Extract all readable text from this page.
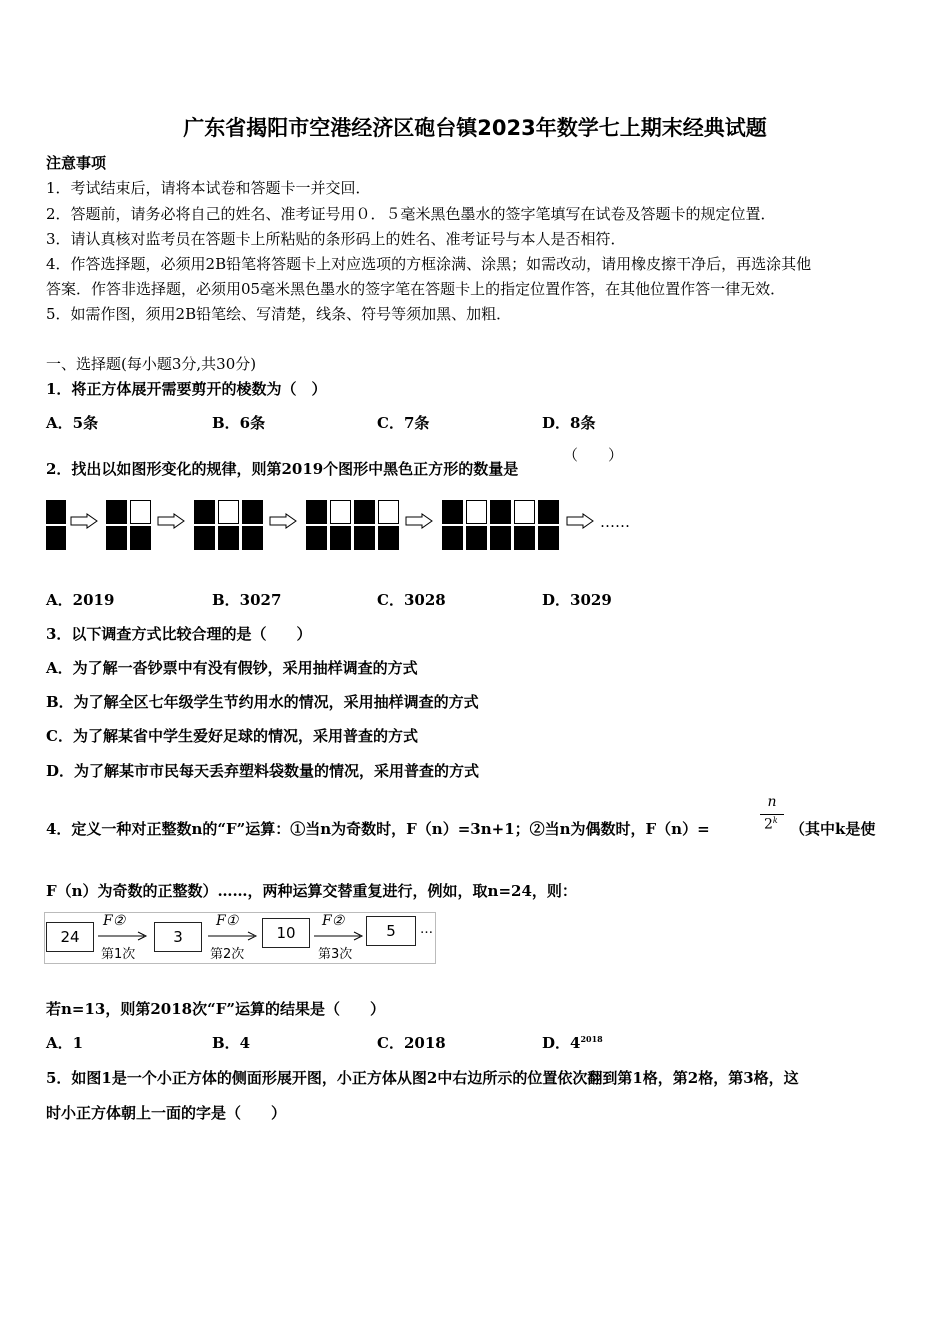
广东省揭阳市空港经济区砲台镇2023年数学七上期末经典试题
注意事项
1．考试结束后，请将本试卷和答题卡一并交回．
2．答题前，请务必将自己的姓名、准考证号用０．５毫米黑色墨水的签字笔填写在试卷及答题卡的规定位置．
3．请认真核对监考员在答题卡上所粘贴的条形码上的姓名、准考证号与本人是否相符．
4．作答选择题，必须用2B铅笔将答题卡上对应选项的方框涂满、涂黑；如需改动，请用橡皮擦干净后，再选涂其他
答案．作答非选择题，必须用05毫米黑色墨水的签字笔在答题卡上的指定位置作答，在其他位置作答一律无效．
5．如需作图，须用2B铅笔绘、写清楚，线条、符号等须加黑、加粗．
一、选择题(每小题3分,共30分)
1．将正方体展开需要剪开的棱数为（　）
A．5条	B．6条	C．7条	D．8条
2．找出以如图形变化的规律，则第2019个图形中黑色正方形的数量是
（　　）
……
A．2019	B．3027	C．3028	D．3029
3．以下调查方式比较合理的是（　　）
A．为了解一沓钞票中有没有假钞，采用抽样调查的方式
B．为了解全区七年级学生节约用水的情况，采用抽样调查的方式
C．为了解某省中学生爱好足球的情况，采用普查的方式
D．为了解某市市民每天丢弃塑料袋数量的情况，采用普查的方式
4．定义一种对正整数n的“F”运算：①当n为奇数时，F（n）=3n+1；②当n为偶数时，F（n）=
n
2$^k$ （其中k是使
F（n）为奇数的正整数）……，两种运算交替重复进行，例如，取n=24，则：
24
F②
第1次
3
F①
第2次
10
F②
第3次
5	…
若n=13，则第2018次“F”运算的结果是（　　）
A．1	B．4	C．2018	D．$4^{2018}$
5．如图1是一个小正方体的侧面形展开图，小正方体从图2中右边所示的位置依次翻到第1格，第2格，第3格，这
时小正方体朝上一面的字是（　　）
